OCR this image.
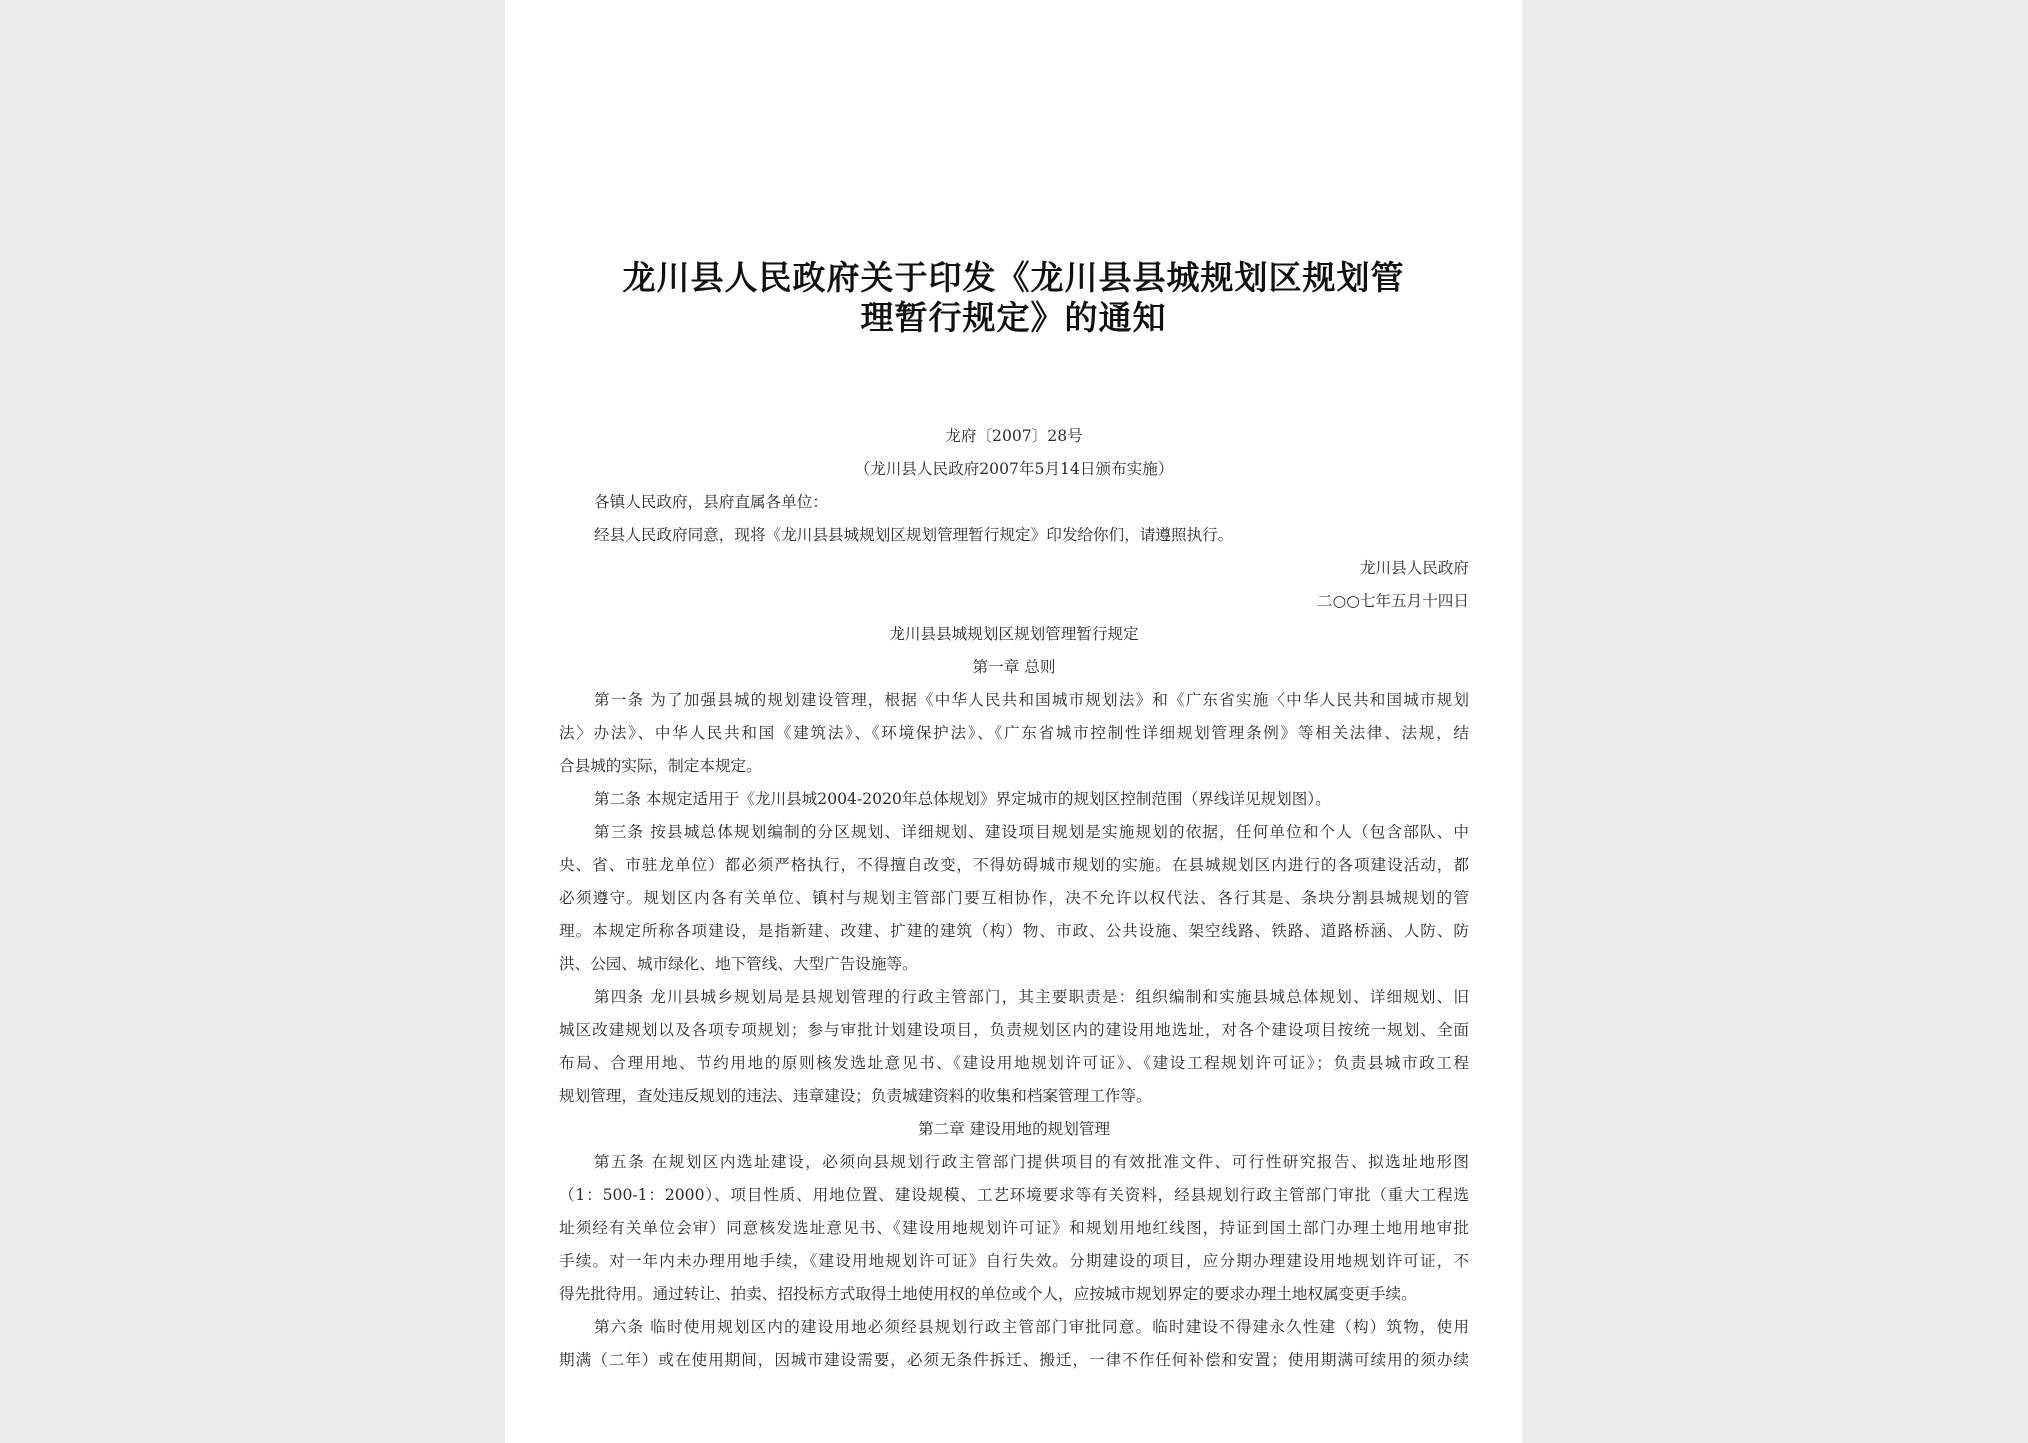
龙川县人民政府关于印发《龙川县县城规划区规划管
理暂行规定》的通知
龙府〔2007〕28号
（龙川县人民政府2007年5月14日颁布实施）
各镇人民政府，县府直属各单位：
经县人民政府同意，现将《龙川县县城规划区规划管理暂行规定》印发给你们，请遵照执行。
龙川县人民政府
二○○七年五月十四日
龙川县县城规划区规划管理暂行规定
第一章 总则
第一条 为了加强县城的规划建设管理，根据《中华人民共和国城市规划法》和《广东省实施〈中华人民共和国城市规划
法〉办法》、中华人民共和国《建筑法》、《环境保护法》、《广东省城市控制性详细规划管理条例》等相关法律、法规，结
合县城的实际，制定本规定。
第二条 本规定适用于《龙川县城2004-2020年总体规划》界定城市的规划区控制范围（界线详见规划图）。
第三条 按县城总体规划编制的分区规划、详细规划、建设项目规划是实施规划的依据，任何单位和个人（包含部队、中
央、省、市驻龙单位）都必须严格执行，不得擅自改变，不得妨碍城市规划的实施。在县城规划区内进行的各项建设活动，都
必须遵守。规划区内各有关单位、镇村与规划主管部门要互相协作，决不允许以权代法、各行其是、条块分割县城规划的管
理。本规定所称各项建设，是指新建、改建、扩建的建筑（构）物、市政、公共设施、架空线路、铁路、道路桥涵、人防、防
洪、公园、城市绿化、地下管线、大型广告设施等。
第四条 龙川县城乡规划局是县规划管理的行政主管部门，其主要职责是：组织编制和实施县城总体规划、详细规划、旧
城区改建规划以及各项专项规划；参与审批计划建设项目，负责规划区内的建设用地选址，对各个建设项目按统一规划、全面
布局、合理用地、节约用地的原则核发选址意见书、《建设用地规划许可证》、《建设工程规划许可证》；负责县城市政工程
规划管理，查处违反规划的违法、违章建设；负责城建资料的收集和档案管理工作等。
第二章 建设用地的规划管理
第五条 在规划区内选址建设，必须向县规划行政主管部门提供项目的有效批准文件、可行性研究报告、拟选址地形图
（1：500-1：2000）、项目性质、用地位置、建设规模、工艺环境要求等有关资料，经县规划行政主管部门审批（重大工程选
址须经有关单位会审）同意核发选址意见书、《建设用地规划许可证》和规划用地红线图，持证到国土部门办理土地用地审批
手续。对一年内未办理用地手续，《建设用地规划许可证》自行失效。分期建设的项目，应分期办理建设用地规划许可证，不
得先批待用。通过转让、拍卖、招投标方式取得土地使用权的单位或个人，应按城市规划界定的要求办理土地权属变更手续。
第六条 临时使用规划区内的建设用地必须经县规划行政主管部门审批同意。临时建设不得建永久性建（构）筑物，使用
期满（二年）或在使用期间，因城市建设需要，必须无条件拆迁、搬迁，一律不作任何补偿和安置；使用期满可续用的须办续
